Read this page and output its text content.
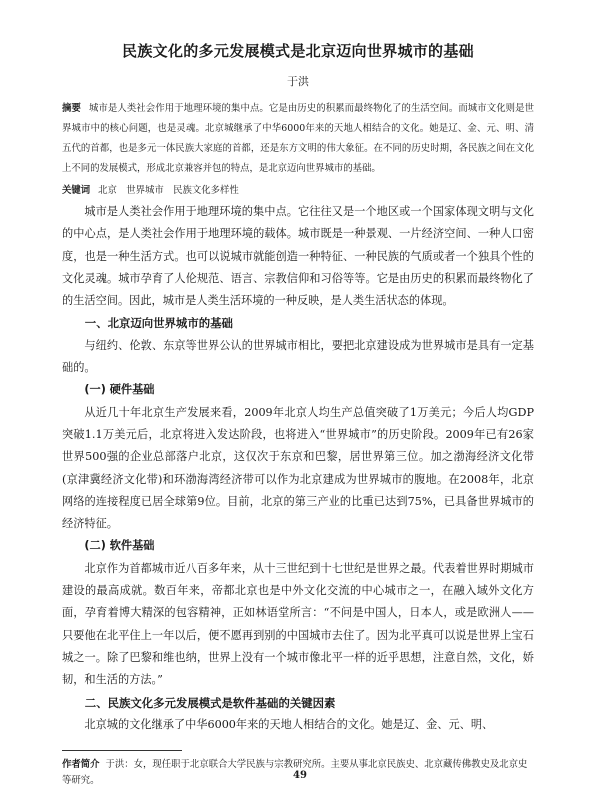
民族文化的多元发展模式是北京迈向世界城市的基础
于洪

摘要 城市是人类社会作用于地理环境的集中点。它是由历史的积累而最终物化了的生活空间。而城市文化则是世界城市中的核心问题，也是灵魂。北京城继承了中华6000年来的天地人相结合的文化。她是辽、金、元、明、清五代的首都，也是多元一体民族大家庭的首都，还是东方文明的伟大象征。在不同的历史时期，各民族之间在文化上不同的发展模式，形成北京兼容并包的特点，是北京迈向世界城市的基础。

关键词 北京　世界城市　民族文化多样性

城市是人类社会作用于地理环境的集中点。它往往又是一个地区或一个国家体现文明与文化的中心点，是人类社会作用于地理环境的载体。城市既是一种景观、一片经济空间、一种人口密度，也是一种生活方式。也可以说城市就能创造一种特征、一种民族的气质或者一个独具个性的文化灵魂。城市孕育了人伦规范、语言、宗教信仰和习俗等等。它是由历史的积累而最终物化了的生活空间。因此，城市是人类生活环境的一种反映，是人类生活状态的体现。

一、北京迈向世界城市的基础

与纽约、伦敦、东京等世界公认的世界城市相比，要把北京建设成为世界城市是具有一定基础的。

(一) 硬件基础

从近几十年北京生产发展来看，2009年北京人均生产总值突破了1万美元；今后人均GDP突破1.1万美元后，北京将进入发达阶段，也将进入“世界城市”的历史阶段。2009年已有26家世界500强的企业总部落户北京，这仅次于东京和巴黎，居世界第三位。加之渤海经济文化带(京津冀经济文化带)和环渤海湾经济带可以作为北京建成为世界城市的腹地。在2008年，北京网络的连接程度已居全球第9位。目前，北京的第三产业的比重已达到75%，已具备世界城市的经济特征。

(二) 软件基础

北京作为首都城市近八百多年来，从十三世纪到十七世纪是世界之最。代表着世界时期城市建设的最高成就。数百年来，帝都北京也是中外文化交流的中心城市之一，在融入域外文化方面，孕育着博大精深的包容精神，正如林语堂所言：“不问是中国人，日本人，或是欧洲人——只要他在北平住上一年以后，便不愿再到别的中国城市去住了。因为北平真可以说是世界上宝石城之一。除了巴黎和维也纳，世界上没有一个城市像北平一样的近乎思想，注意自然，文化，娇韧，和生活的方法。”

二、民族文化多元发展模式是软件基础的关键因素

北京城的文化继承了中华6000年来的天地人相结合的文化。她是辽、金、元、明、

作者简介 于洪：女，现任职于北京联合大学民族与宗教研究所。主要从事北京民族史、北京藏传佛教史及北京史等研究。	49
